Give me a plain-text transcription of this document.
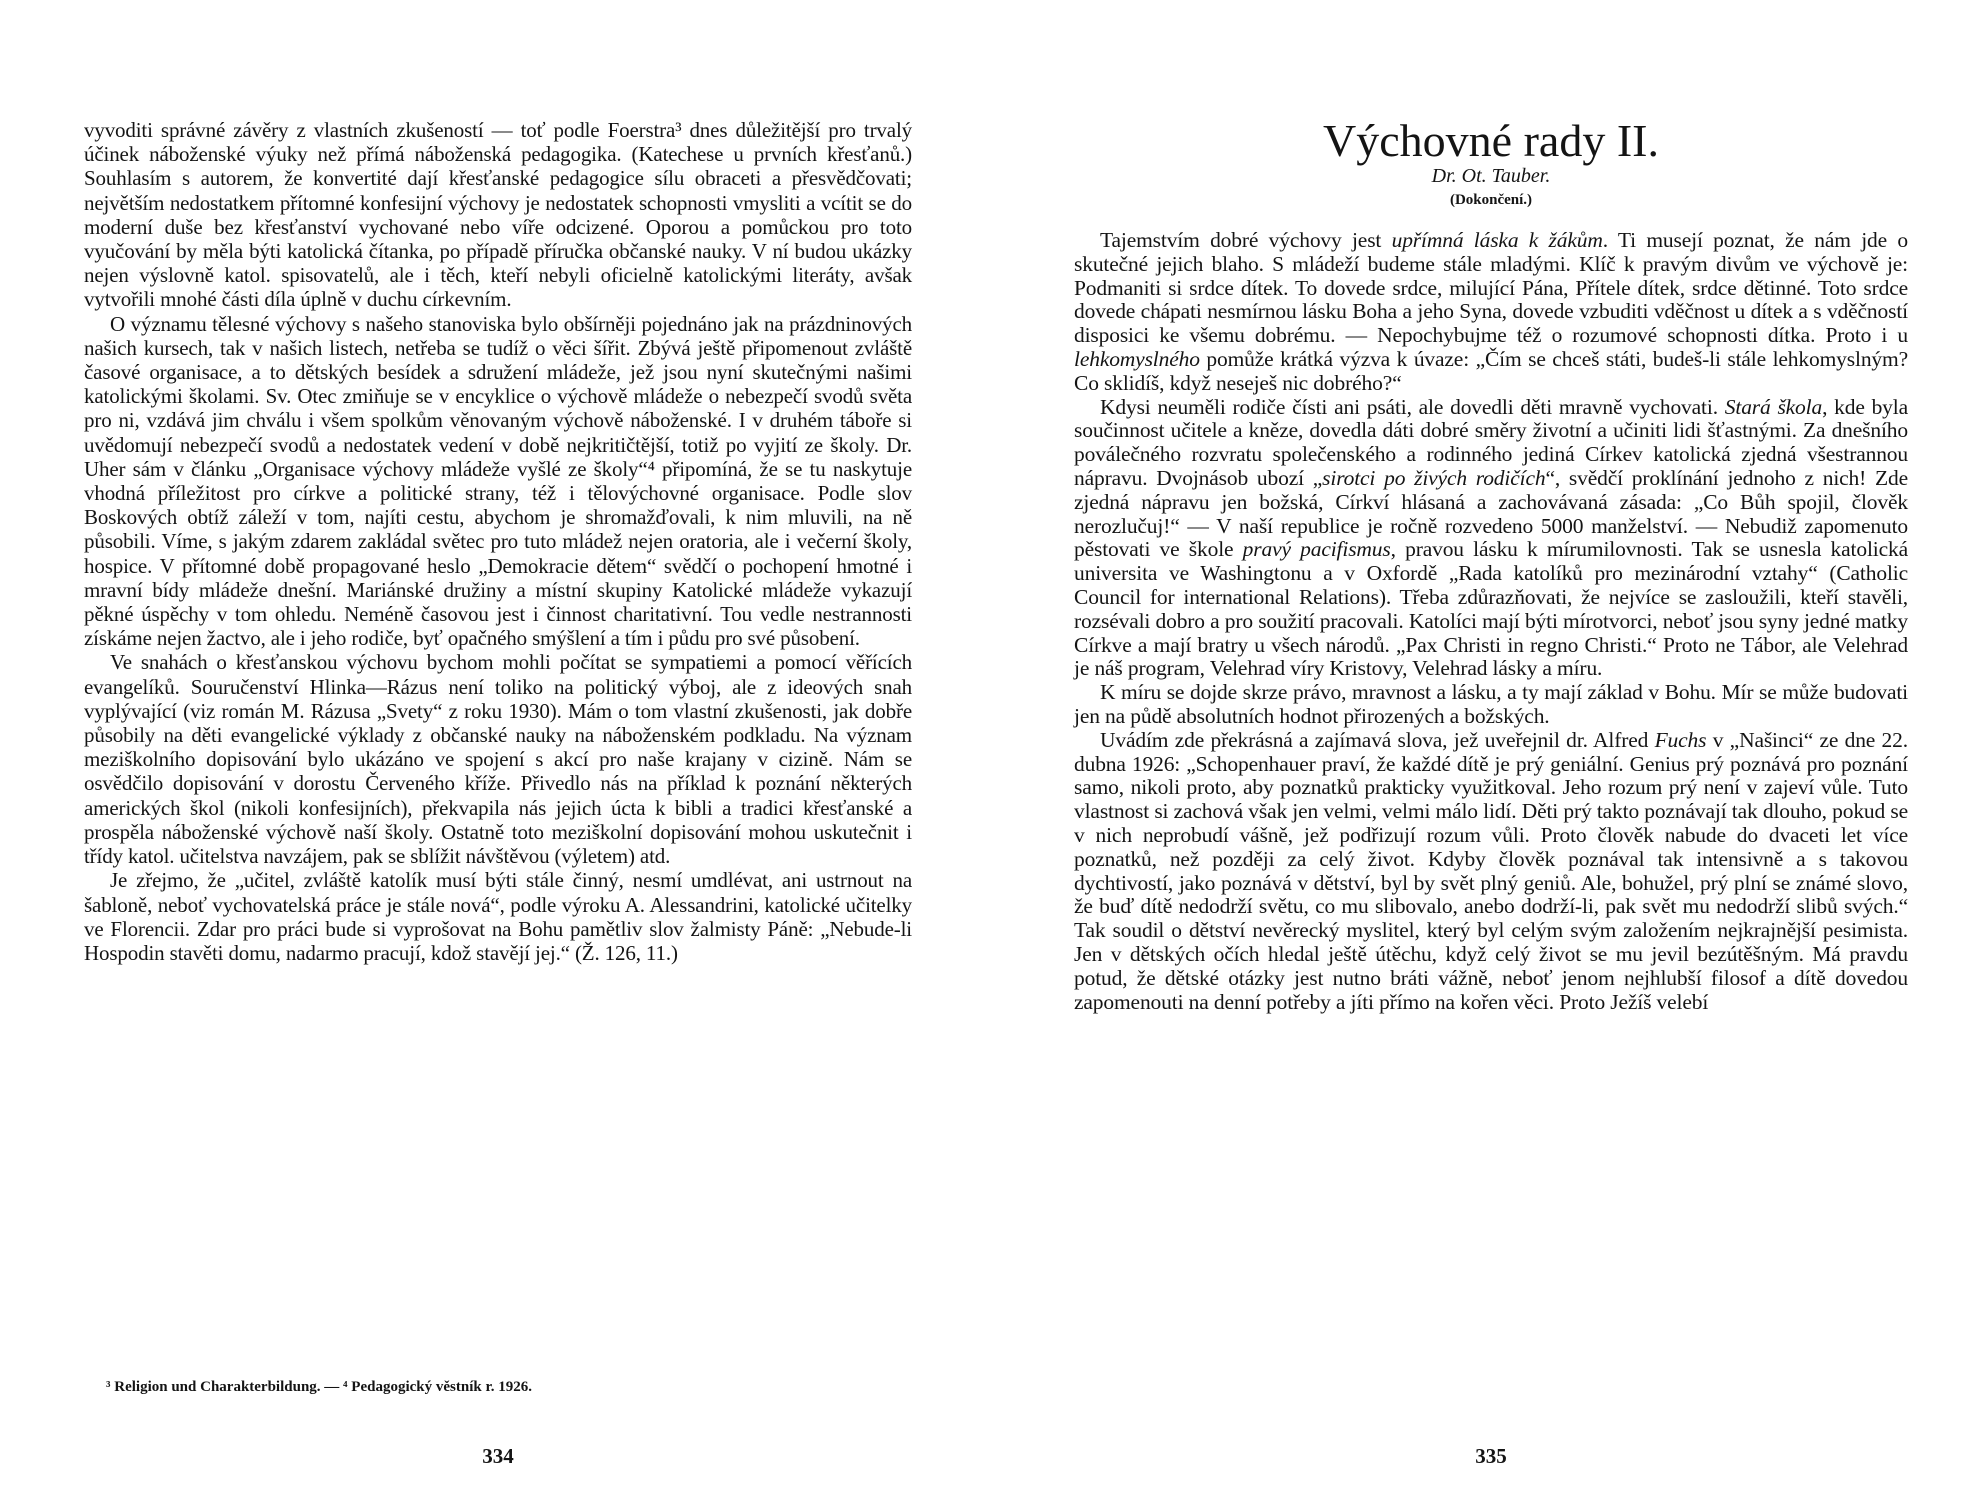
vyvoditi správné závěry z vlastních zkušeností — toť podle Foerstra³ dnes důležitější pro trvalý účinek náboženské výuky než přímá náboženská pedagogika. (Katechese u prvních křesťanů.) Souhlasím s autorem, že konvertité dají křesťanské pedagogice sílu obraceti a přesvědčovati; největším nedostatkem přítomné konfesijní výchovy je nedostatek schopnosti vmysliti a vcítit se do moderní duše bez křesťanství vychované nebo víře odcizené. Oporou a pomůckou pro toto vyučování by měla býti katolická čítanka, po případě příručka občanské nauky. V ní budou ukázky nejen výslovně katol. spisovatelů, ale i těch, kteří nebyli oficielně katolickými literáty, avšak vytvořili mnohé části díla úplně v duchu církevním.

O významu tělesné výchovy s našeho stanoviska bylo obšírněji pojednáno jak na prázdninových našich kursech, tak v našich listech, netřeba se tudíž o věci šířit. Zbývá ještě připomenout zvláště časové organisace, a to dětských besídek a sdružení mládeže, jež jsou nyní skutečnými našimi katolickými školami. Sv. Otec zmiňuje se v encyklice o výchově mládeže o nebezpečí svodů světa pro ni, vzdává jim chválu i všem spolkům věnovaným výchově náboženské. I v druhém táboře si uvědomují nebezpečí svodů a nedostatek vedení v době nejkritičtější, totiž po vyjití ze školy. Dr. Uher sám v článku „Organisace výchovy mládeže vyšlé ze školy“⁴ připomíná, že se tu naskytuje vhodná příležitost pro církve a politické strany, též i tělovýchovné organisace. Podle slov Boskových obtíž záleží v tom, najíti cestu, abychom je shromažďovali, k nim mluvili, na ně působili. Víme, s jakým zdarem zakládal světec pro tuto mládež nejen oratoria, ale i večerní školy, hospice. V přítomné době propagované heslo „Demokracie dětem“ svědčí o pochopení hmotné i mravní bídy mládeže dnešní. Mariánské družiny a místní skupiny Katolické mládeže vykazují pěkné úspěchy v tom ohledu. Neméně časovou jest i činnost charitativní. Tou vedle nestrannosti získáme nejen žactvo, ale i jeho rodiče, byť opačného smýšlení a tím i půdu pro své působení.

Ve snahách o křesťanskou výchovu bychom mohli počítat se sympatiemi a pomocí věřících evangelíků. Souručenství Hlinka—Rázus není toliko na politický výboj, ale z ideových snah vyplývající (viz román M. Rázusa „Svety“ z roku 1930). Mám o tom vlastní zkušenosti, jak dobře působily na děti evangelické výklady z občanské nauky na náboženském podkladu. Na význam meziškolního dopisování bylo ukázáno ve spojení s akcí pro naše krajany v cizině. Nám se osvědčilo dopisování v dorostu Červeného kříže. Přivedlo nás na příklad k poznání některých amerických škol (nikoli konfesijních), překvapila nás jejich úcta k bibli a tradici křesťanské a prospěla náboženské výchově naší školy. Ostatně toto meziškolní dopisování mohou uskutečnit i třídy katol. učitelstva navzájem, pak se sblížit návštěvou (výletem) atd.

Je zřejmo, že „učitel, zvláště katolík musí býti stále činný, nesmí umdlévat, ani ustrnout na šabloně, neboť vychovatelská práce je stále nová“, podle výroku A. Alessandrini, katolické učitelky ve Florencii. Zdar pro práci bude si vyprošovat na Bohu pamětliv slov žalmisty Páně: „Nebude-li Hospodin stavěti domu, nadarmo pracují, kdož stavějí jej.“ (Ž. 126, 11.)

³ Religion und Charakterbildung. — ⁴ Pedagogický věstník r. 1926.
334
Výchovné rady II.
Dr. Ot. Tauber.
(Dokončení.)

Tajemstvím dobré výchovy jest upřímná láska k žákům. Ti musejí poznat, že nám jde o skutečné jejich blaho. S mládeží budeme stále mladými. Klíč k pravým divům ve výchově je: Podmaniti si srdce dítek. To dovede srdce, milující Pána, Přítele dítek, srdce dětinné. Toto srdce dovede chápati nesmírnou lásku Boha a jeho Syna, dovede vzbuditi vděčnost u dítek a s vděčností disposici ke všemu dobrému. — Nepochybujme též o rozumové schopnosti dítka. Proto i u lehkomyslného pomůže krátká výzva k úvaze: „Čím se chceš státi, budeš-li stále lehkomyslným? Co sklidíš, když neseješ nic dobrého?“

Kdysi neuměli rodiče čísti ani psáti, ale dovedli děti mravně vychovati. Stará škola, kde byla součinnost učitele a kněze, dovedla dáti dobré směry životní a učiniti lidi šťastnými. Za dnešního poválečného rozvratu společenského a rodinného jediná Církev katolická zjedná všestrannou nápravu. Dvojnásob ubozí „sirotci po živých rodičích“, svědčí proklínání jednoho z nich! Zde zjedná nápravu jen božská, Církví hlásaná a zachovávaná zásada: „Co Bůh spojil, člověk nerozlučuj!“ — V naší republice je ročně rozvedeno 5000 manželství. — Nebudiž zapomenuto pěstovati ve škole pravý pacifismus, pravou lásku k mírumilovnosti. Tak se usnesla katolická universita ve Washingtonu a v Oxfordě „Rada katolíků pro mezinárodní vztahy“ (Catholic Council for international Relations). Třeba zdůrazňovati, že nejvíce se zasloužili, kteří stavěli, rozsévali dobro a pro soužití pracovali. Katolíci mají býti mírotvorci, neboť jsou syny jedné matky Církve a mají bratry u všech národů. „Pax Christi in regno Christi.“ Proto ne Tábor, ale Velehrad je náš program, Velehrad víry Kristovy, Velehrad lásky a míru.

K míru se dojde skrze právo, mravnost a lásku, a ty mají základ v Bohu. Mír se může budovati jen na půdě absolutních hodnot přirozených a božských.

Uvádím zde překrásná a zajímavá slova, jež uveřejnil dr. Alfred Fuchs v „Našinci“ ze dne 22. dubna 1926: „Schopenhauer praví, že každé dítě je prý geniální. Genius prý poznává pro poznání samo, nikoli proto, aby poznatků prakticky využitkoval. Jeho rozum prý není v zajeví vůle. Tuto vlastnost si zachová však jen velmi, velmi málo lidí. Děti prý takto poznávají tak dlouho, pokud se v nich neprobudí vášně, jež podřizují rozum vůli. Proto člověk nabude do dvaceti let více poznatků, než později za celý život. Kdyby člověk poznával tak intensivně a s takovou dychtivostí, jako poznává v dětství, byl by svět plný geniů. Ale, bohužel, prý plní se známé slovo, že buď dítě nedodrží světu, co mu slibovalo, anebo dodrží-li, pak svět mu nedodrží slibů svých.“ Tak soudil o dětství nevěrecký myslitel, který byl celým svým založením nejkrajnější pesimista. Jen v dětských očích hledal ještě útěchu, když celý život se mu jevil bezútěšným. Má pravdu potud, že dětské otázky jest nutno bráti vážně, neboť jenom nejhlubší filosof a dítě dovedou zapomenouti na denní potřeby a jíti přímo na kořen věci. Proto Ježíš velebí

335
